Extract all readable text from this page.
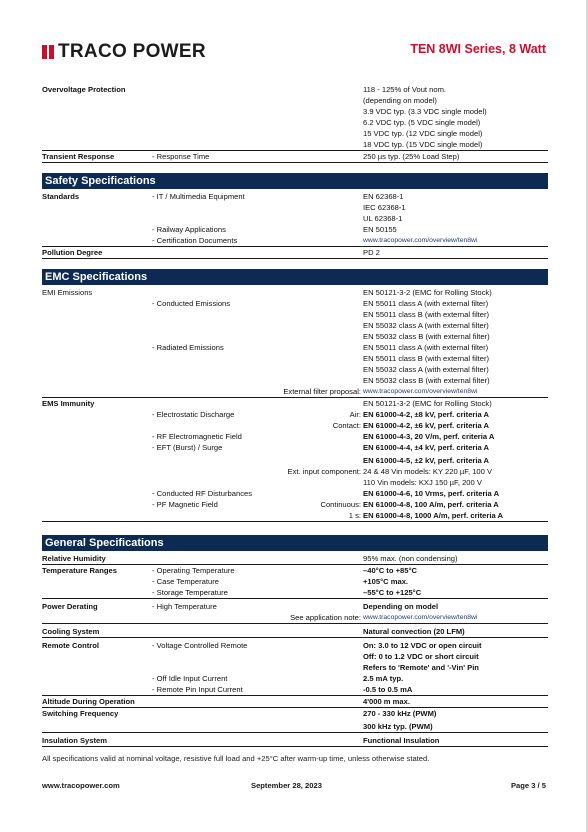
TRACO POWER	TEN 8WI Series, 8 Watt
Overvoltage Protection	118 - 125% of Vout nom.
(depending on model)
3.9 VDC typ. (3.3 VDC single model)
6.2 VDC typ. (5 VDC single model)
15 VDC typ. (12 VDC single model)
18 VDC typ. (15 VDC single model)
Transient Response	- Response Time	250 µs typ. (25% Load Step)
Safety Specifications
Standards	- IT / Multimedia Equipment	EN 62368-1
IEC 62368-1
UL 62368-1
- Railway Applications	EN 50155
- Certification Documents	www.tracopower.com/overview/ten8wi
Pollution Degree	PD 2
EMC Specifications
EMI Emissions	EN 50121-3-2 (EMC for Rolling Stock)
- Conducted Emissions	EN 55011 class A (with external filter)
EN 55011 class B (with external filter)
EN 55032 class A (with external filter)
EN 55032 class B (with external filter)
- Radiated Emissions	EN 55011 class A (with external filter)
EN 55011 class B (with external filter)
EN 55032 class A (with external filter)
EN 55032 class B (with external filter)
External filter proposal: www.tracopower.com/overview/ten8wi
EMS Immunity	EN 50121-3-2 (EMC for Rolling Stock)
- Electrostatic Discharge	Air: EN 61000-4-2, ±8 kV, perf. criteria A
Contact: EN 61000-4-2, ±6 kV, perf. criteria A
- RF Electromagnetic Field	EN 61000-4-3, 20 V/m, perf. criteria A
- EFT (Burst) / Surge	EN 61000-4-4, ±4 kV, perf. criteria A
EN 61000-4-5, ±2 kV, perf. criteria A
Ext. input component: 24 & 48 Vin models: KY 220 µF, 100 V
110 Vin models: KXJ 150 µF, 200 V
- Conducted RF Disturbances	EN 61000-4-6, 10 Vrms, perf. criteria A
- PF Magnetic Field	Continuous: EN 61000-4-8, 100 A/m, perf. criteria A
1 s: EN 61000-4-8, 1000 A/m, perf. criteria A
General Specifications
Relative Humidity	95% max. (non condensing)
Temperature Ranges	- Operating Temperature	–40°C to +85°C
- Case Temperature	+105°C max.
- Storage Temperature	–55°C to +125°C
Power Derating	- High Temperature	Depending on model
See application note: www.tracopower.com/overview/ten8wi
Cooling System	Natural convection (20 LFM)
Remote Control	- Voltage Controlled Remote	On: 3.0 to 12 VDC or open circuit
Off: 0 to 1.2 VDC or short circuit
Refers to 'Remote' and '-Vin' Pin
- Off Idle Input Current	2.5 mA typ.
- Remote Pin Input Current	-0.5 to 0.5 mA
Altitude During Operation	4'000 m max.
Switching Frequency	270 - 330 kHz (PWM)
300 kHz typ. (PWM)
Insulation System	Functional Insulation
All specifications valid at nominal voltage, resistive full load and +25°C after warm-up time, unless otherwise stated.
www.tracopower.com	September 28, 2023	Page 3 / 5
